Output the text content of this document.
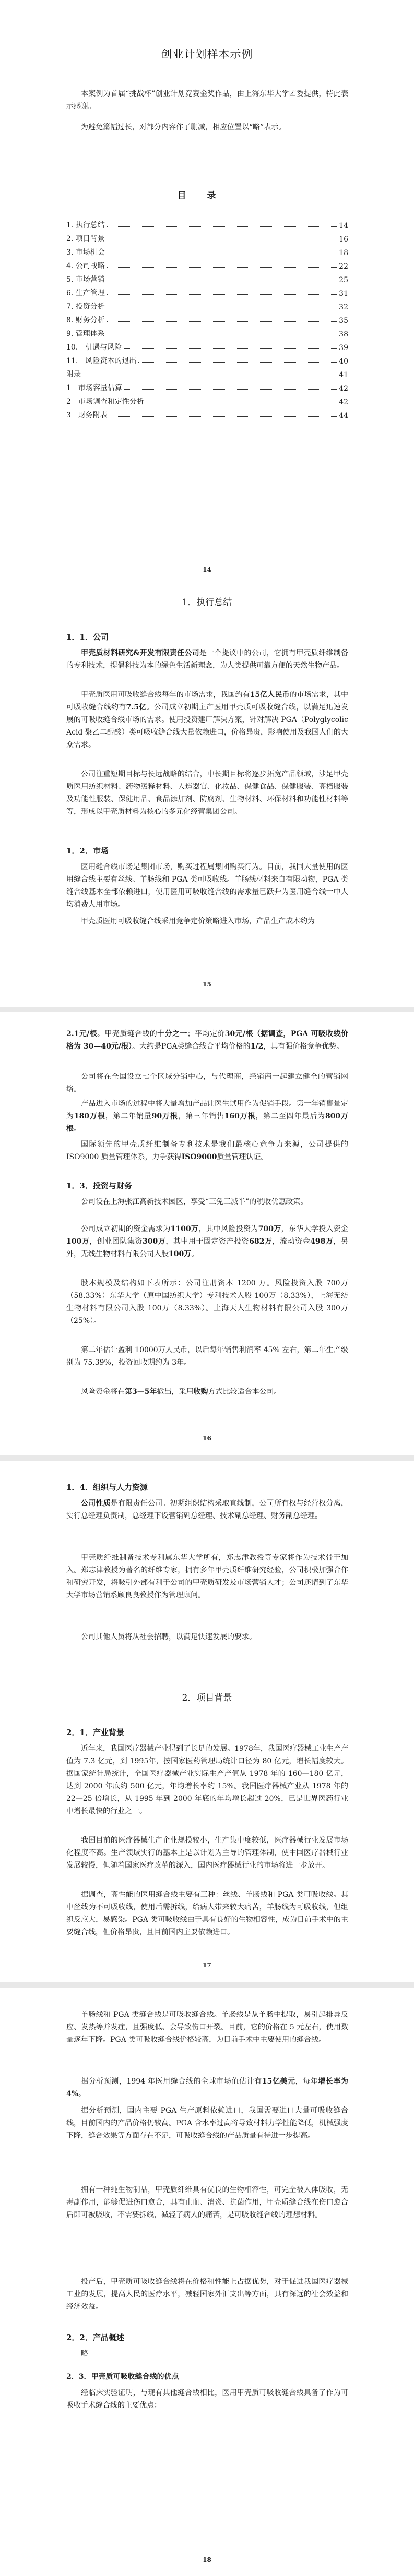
创业计划样本示例
本案例为首届“挑战杯”创业计划竞赛金奖作品，由上海东华大学团委提供，特此表示感谢。
为避免篇幅过长，对部分内容作了删减，相应位置以“略”表示。
目录
1. 执行总结	14
2. 项目背景	16
3. 市场机会	18
4. 公司战略	22
5. 市场营销	25
6. 生产管理	31
7. 投资分析	32
8. 财务分析	35
9. 管理体系	38
10.　机遇与风险	39
11.　风险资本的退出	40
附录	41
1　市场容量估算	42
2　市场调查和定性分析	42
3　财务附表	44
14
1．执行总结
1．1．公司
甲壳质材料研究&开发有限责任公司是一个提议中的公司，它拥有甲壳质纤维制备的专利技术，提倡科技为本的绿色生活新理念，为人类提供可靠方便的天然生物产品。
甲壳质医用可吸收缝合线每年的市场需求，我国约有15亿人民币的市场需求，其中可吸收缝合线约有7.5亿。公司成立初期主产医用甲壳质可吸收缝合线，以满足迅速发展的可吸收缝合线市场的需求。使用投资建厂解决方案，针对解决 PGA（Polyglycolic Acid 聚乙二醇酸）类可吸收缝合线大量依赖进口，价格昂贵，影响使用及我国人们的大众需求。
公司注重短期目标与长远战略的结合，中长期目标将逐步拓宽产品领域，涉足甲壳质医用纺织材料、药物缓释材料、人造器官、化妆品、保健食品、保健服装、高档服装及功能性服装、保健用品、食品添加剂、防腐剂、生物材料、环保材料和功能性材料等等，形成以甲壳质材料为核心的多元化经营集团公司。
1．2．市场
医用缝合线市场是集团市场，购买过程属集团购买行为。目前，我国大量使用的医用缝合线主要有丝线、羊肠线和 PGA 类可吸收线。羊肠线材料来自有限动物，PGA 类缝合线基本全部依赖进口，使用医用可吸收缝合线的需求量已跃升为医用缝合线一中人均消费人用市场。
甲壳质医用可吸收缝合线采用竞争定价策略进入市场，产品生产成本约为
15
2.1元/根。甲壳质缝合线的十分之一；平均定价30元/根（据调查，PGA 可吸收线价格为 30—40元/根）。大约是PGA类缝合线合平均价格的1/2，具有强价格竞争优势。
公司将在全国设立七个区域分销中心，与代理商，经销商一起建立健全的营销网络。
产品进入市场的过程中将大量增加产品让医生试用作为促销手段。第一年销售量定为180万根，第二年销量90万根，第三年销售160万根，第二至四年最后为800万根。
国际领先的甲壳质纤维制备专利技术是我们最核心竞争力来源，公司提供的 ISO9000 质量管理体系，力争获得ISO9000质量管理认证。
1．3．投资与财务
公司设在上海张江高新技术园区，享受“三免三减半”的税收优惠政策。
公司成立初期的资金需求为1100万，其中风险投资为700万，东华大学投入资金100万，创业团队集资300万，其中用于固定资产投资682万，流动资金498万，另外，无线生物材料有限公司入股100万。
股本规模及结构如下表所示：公司注册资本 1200 万。风险投资入股 700万（58.33%）东华大学（原中国纺织大学）专利技术入股 100万（8.33%），上海无纺生物材料有限公司入股 100万（8.33%）。上海天人生物材料有限公司入股 300万（25%）。
第二年估计盈利 10000万人民币，以后每年销售利润率 45% 左右，第二年生产级别为 75.39%，投资回收期约为 3年。
风险资金将在第3—5年撤出，采用收购方式比较适合本公司。
16
1．4．组织与人力资源
公司性质是有限责任公司。初期组织结构采取直线制，公司所有权与经营权分离，实行总经理负责制，总经理下设营销副总经理、技术副总经理、财务副总经理。
甲壳质纤维制备技术专利属东华大学所有，郑志津教授等专家将作为技术骨干加入。郑志津教授为著名的纤维专家，拥有多年甲壳质纤维研究经验，公司积极加强合作和研究开发，将吸引外部有利于公司的甲壳质研发及市场营销人才；公司还请到了东华大学市场营销系顾良良教授作为管理顾问。
公司其他人员将从社会招聘，以满足快速发展的要求。
2．项目背景
2．1．产业背景
近年来，我国医疗器械产业得到了长足的发展。1978年，我国医疗器械工业生产产值为 7.3 亿元，到 1995年，按国家医药管理局统计口径为 80 亿元，增长幅度较大。据国家统计局统计，全国医疗器械产业实际生产产值从 1978 年的 160—180 亿元，达到 2000 年底约 500 亿元，年均增长率约 15%。我国医疗器械产业从 1978 年的 22—25 倍增长，从 1995 年到 2000 年底的年均增长超过 20%，已是世界医药行业中增长最快的行业之一。
我国目前的医疗器械生产企业规模较小，生产集中度较低，医疗器械行业发展市场化程度不高。生产领域实行的基本上是以计划为主导的管理体制，使中国医疗器械行业发展较慢，但随着国家医疗改革的深入，国内医疗器械行业的市场将进一步放开。
据调查，高性能的医用缝合线主要有三种：丝线、羊肠线和 PGA 类可吸收线。其中丝线为不可吸收线，使用后需拆线，给病人带来较大痛苦，羊肠线为可吸收线，但组织反应大，易感染。PGA 类可吸收线由于具有良好的生物相容性，成为目前手术中的主要缝合线，但价格昂贵，且目前国内主要依赖进口。
17
羊肠线和 PGA 类缝合线是可吸收缝合线。羊肠线是从羊肠中提取，易引起排异反应、发热等并发症，且强度低、会导致伤口开裂。目前，它的价格在 5 元左右，使用数量逐年下降。PGA 类可吸收缝合线价格较高，为目前手术中主要使用的缝合线。
据分析预测，1994 年医用缝合线的全球市场值估计有15亿美元，每年增长率为4%。
据分析预测，国内主要 PGA 生产原料依赖进口，我国需要进口大量可吸收缝合线，目前国内的产品价格仍较高。PGA 含水率过高将导致材料力学性能降低，机械强度下降，缝合效果等方面存在不足，可吸收缝合线的产品质量有待进一步提高。
拥有一种纯生物制品，甲壳质纤维具有优良的生物相容性，可完全被人体吸收，无毒副作用，能够促进伤口愈合，具有止血、消炎、抗菌作用，甲壳质缝合线在伤口愈合后即可被吸收，不需要拆线，减轻了病人的痛苦，是可吸收缝合线的理想材料。
投产后，甲壳质可吸收缝合线将在价格和性能上占据优势，对于促进我国医疗器械工业的发展，提高人民的医疗水平，减轻国家外汇支出等方面，具有深远的社会效益和经济效益。
2．2．产品概述
略
2．3．甲壳质可吸收缝合线的优点
经临床实验证明，与现有其他缝合线相比，医用甲壳质可吸收缝合线具备了作为可吸收手术缝合线的主要优点：
18
